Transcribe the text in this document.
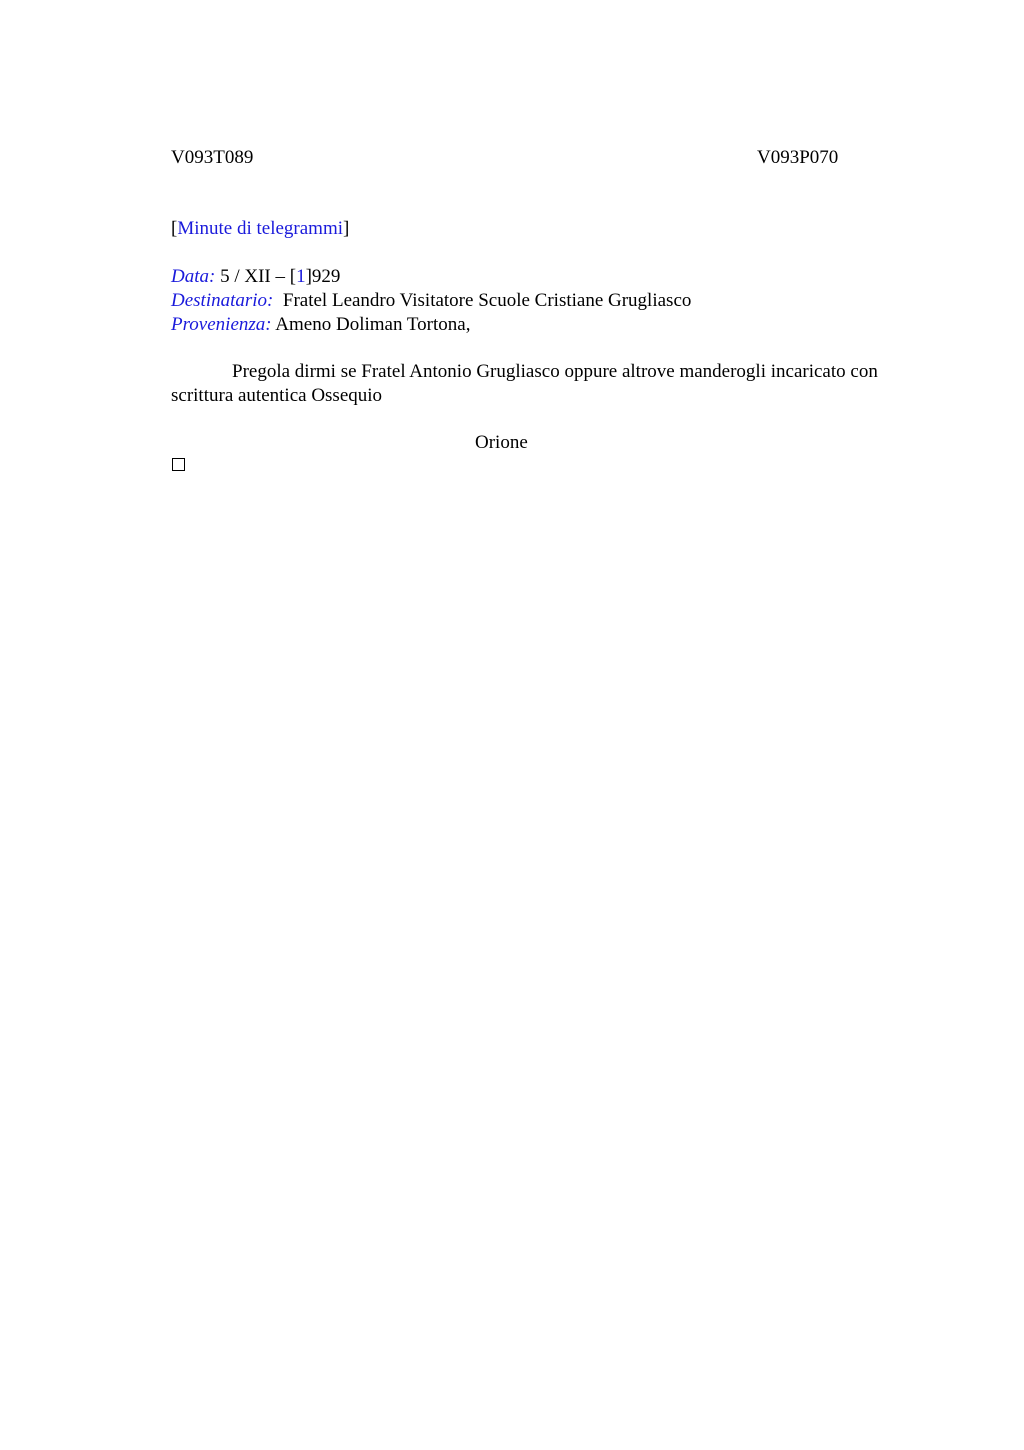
V093T089	V093P070
[Minute di telegrammi]
Data: 5 / XII – [1]929
Destinatario:  Fratel Leandro Visitatore Scuole Cristiane Grugliasco
Provenienza: Ameno Doliman Tortona,
Pregola dirmi se Fratel Antonio Grugliasco oppure altrove manderogli incaricato con scrittura autentica Ossequio
Orione
